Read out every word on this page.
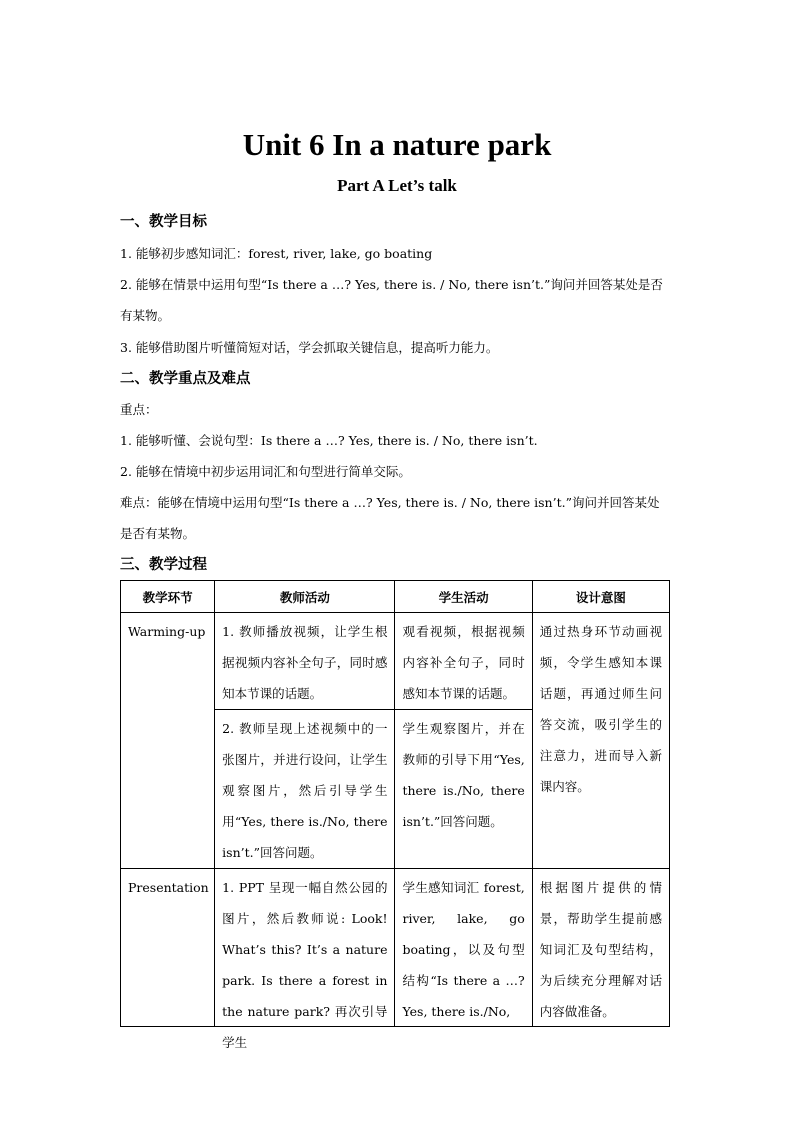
Unit 6 In a nature park
Part A Let’s talk
一、教学目标
1. 能够初步感知词汇：forest, river, lake, go boating
2. 能够在情景中运用句型“Is there a …? Yes, there is. / No, there isn’t.”询问并回答某处是否
有某物。
3. 能够借助图片听懂简短对话，学会抓取关键信息，提高听力能力。
二、教学重点及难点
重点：
1. 能够听懂、会说句型：Is there a …? Yes, there is. / No, there isn’t.
2. 能够在情境中初步运用词汇和句型进行简单交际。
难点：能够在情境中运用句型“Is there a …? Yes, there is. / No, there isn’t.”询问并回答某处
是否有某物。
三、教学过程
教学环节	教师活动	学生活动	设计意图
Warming-up	1. 教师播放视频，让学生根据视频内容补全句子，同时感知本节课的话题。	观看视频，根据视频内容补全句子，同时感知本节课的话题。	通过热身环节动画视频，令学生感知本课话题，再通过师生问答交流，吸引学生的注意力，进而导入新课内容。
	2. 教师呈现上述视频中的一张图片，并进行设问，让学生观察图片，然后引导学生用“Yes, there is./No, there isn’t.”回答问题。	学生观察图片，并在教师的引导下用“Yes, there is./No, there isn’t.”回答问题。	
Presentation	1. PPT 呈现一幅自然公园的图片，然后教师说: Look! What’s this? It’s a nature park. Is there a forest in the nature park? 再次引导学生	学生感知词汇 forest, river, lake, go boating，以及句型结构“Is there a …? Yes, there is./No,	根据图片提供的情景，帮助学生提前感知词汇及句型结构，为后续充分理解对话内容做准备。
